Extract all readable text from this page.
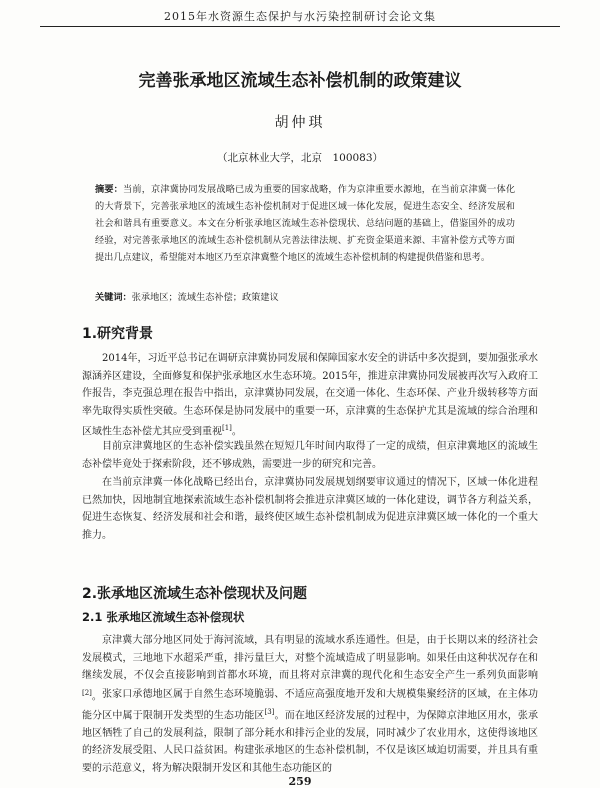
2015年水资源生态保护与水污染控制研讨会论文集
完善张承地区流域生态补偿机制的政策建议
胡仲琪
（北京林业大学，北京　100083）
摘要：当前，京津冀协同发展战略已成为重要的国家战略，作为京津重要水源地，在当前京津冀一体化的大背景下，完善张承地区的流域生态补偿机制对于促进区域一体化发展，促进生态安全、经济发展和社会和谐具有重要意义。本文在分析张承地区流域生态补偿现状、总结问题的基础上，借鉴国外的成功经验，对完善张承地区的流域生态补偿机制从完善法律法规、扩充资金渠道来源、丰富补偿方式等方面提出几点建议，希望能对本地区乃至京津冀整个地区的流域生态补偿机制的构建提供借鉴和思考。
关键词：张承地区；流域生态补偿；政策建议
1.研究背景
2014年，习近平总书记在调研京津冀协同发展和保障国家水安全的讲话中多次提到，要加强张承水源涵养区建设，全面修复和保护张承地区水生态环境。2015年，推进京津冀协同发展被再次写入政府工作报告，李克强总理在报告中指出，京津冀协同发展，在交通一体化、生态环保、产业升级转移等方面率先取得实质性突破。生态环保是协同发展中的重要一环，京津冀的生态保护尤其是流域的综合治理和区域性生态补偿尤其应受到重视[1]。
目前京津冀地区的生态补偿实践虽然在短短几年时间内取得了一定的成绩，但京津冀地区的流域生态补偿毕竟处于探索阶段，还不够成熟，需要进一步的研究和完善。
在当前京津冀一体化战略已经出台，京津冀协同发展规划纲要审议通过的情况下，区域一体化进程已然加快，因地制宜地探索流域生态补偿机制将会推进京津冀区域的一体化建设，调节各方利益关系，促进生态恢复、经济发展和社会和谐，最终使区域生态补偿机制成为促进京津冀区域一体化的一个重大推力。
2.张承地区流域生态补偿现状及问题
2.1 张承地区流域生态补偿现状
京津冀大部分地区同处于海河流域，具有明显的流域水系连通性。但是，由于长期以来的经济社会发展模式，三地地下水超采严重，排污量巨大，对整个流域造成了明显影响。如果任由这种状况存在和继续发展，不仅会直接影响到首都水环境，而且将对京津冀的现代化和生态安全产生一系列负面影响[2]。 张家口承德地区属于自然生态环境脆弱、不适应高强度地开发和大规模集聚经济的区域，在主体功能分区中属于限制开发类型的生态功能区[3]。而在地区经济发展的过程中，为保障京津地区用水，张承地区牺牲了自己的发展利益，限制了部分耗水和排污企业的发展，同时减少了农业用水，这使得该地区的经济发展受阻、人民口益贫困。构建张承地区的生态补偿机制，不仅是该区域迫切需要，并且具有重要的示范意义，将为解决限制开发区和其他生态功能区的
259
